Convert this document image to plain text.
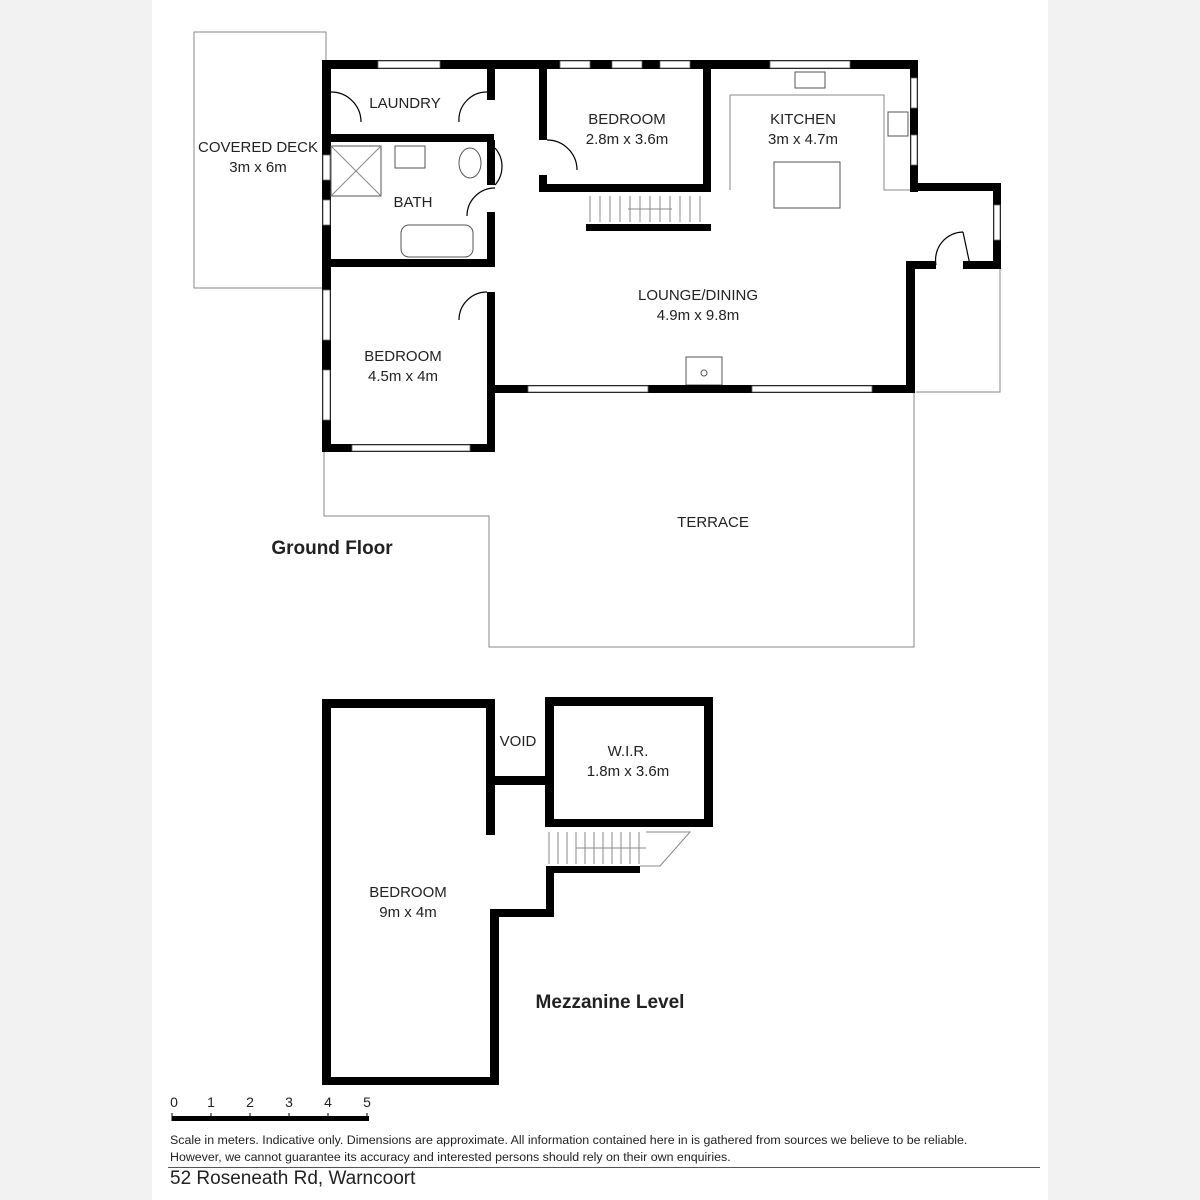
COVERED DECK
3m x 6m
LAUNDRY
BEDROOM
2.8m x 3.6m
KITCHEN
3m x 4.7m
BATH
LOUNGE/DINING
4.9m x 9.8m
BEDROOM
4.5m x 4m
TERRACE
Ground Floor
VOID
W.I.R.
1.8m x 3.6m
BEDROOM
9m x 4m
Mezzanine Level
0 1 2 3 4 5
Scale in meters. Indicative only. Dimensions are approximate. All information contained here in is gathered from sources we believe to be reliable.
However, we cannot guarantee its accuracy and interested persons should rely on their own enquiries.
52 Roseneath Rd, Warncoort
